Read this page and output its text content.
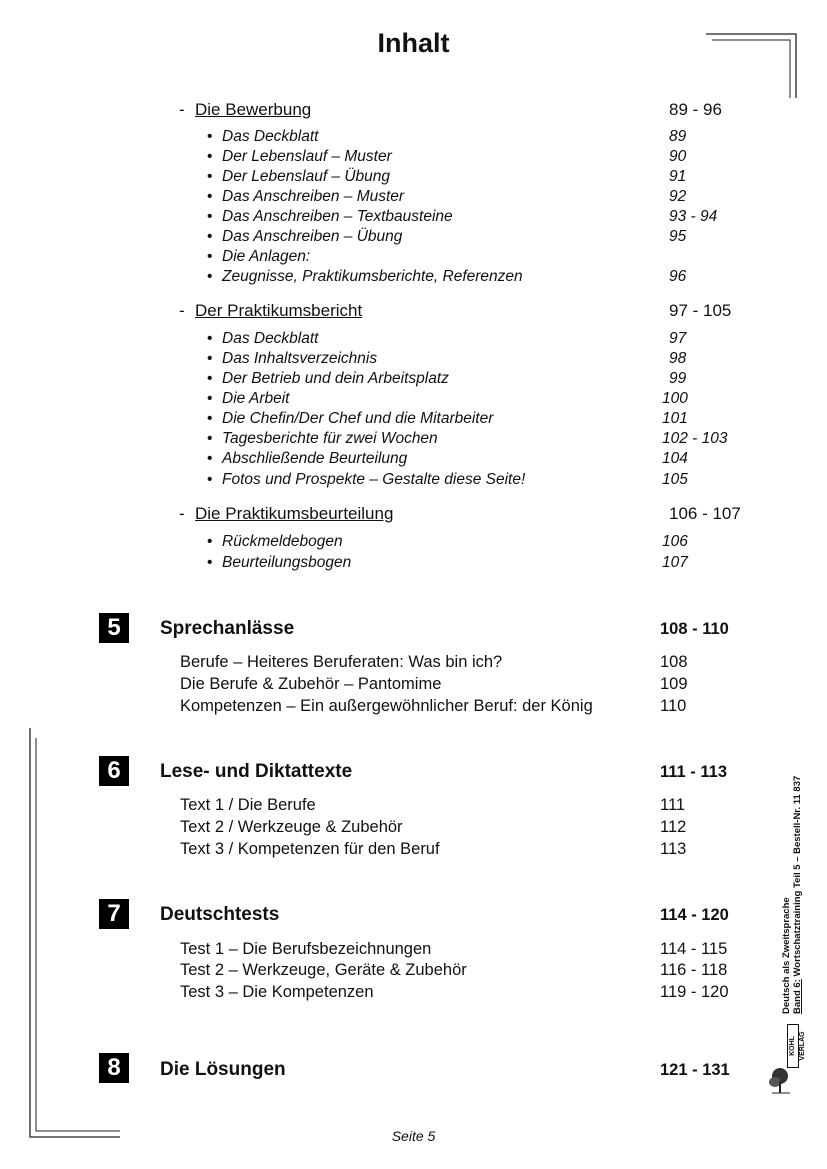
Inhalt
- Die Bewerbung	89 - 96
• Das Deckblatt	89
• Der Lebenslauf – Muster	90
• Der Lebenslauf – Übung	91
• Das Anschreiben – Muster	92
• Das Anschreiben – Textbausteine	93 - 94
• Das Anschreiben – Übung	95
• Die Anlagen:
• Zeugnisse, Praktikumsberichte, Referenzen	96
- Der Praktikumsbericht	97 - 105
• Das Deckblatt	97
• Das Inhaltsverzeichnis	98
• Der Betrieb und dein Arbeitsplatz	99
• Die Arbeit	100
• Die Chefin/Der Chef und die Mitarbeiter	101
• Tagesberichte für zwei Wochen	102 - 103
• Abschließende Beurteilung	104
• Fotos und Prospekte – Gestalte diese Seite!	105
- Die Praktikumsbeurteilung	106 - 107
• Rückmeldebogen	106
• Beurteilungsbogen	107
5	Sprechanlässe	108 - 110
Berufe – Heiteres Beruferaten: Was bin ich?	108
Die Berufe & Zubehör – Pantomime	109
Kompetenzen – Ein außergewöhnlicher Beruf: der König	110
6	Lese- und Diktattexte	111 - 113
Text 1 / Die Berufe	111
Text 2 / Werkzeuge & Zubehör	112
Text 3 / Kompetenzen für den Beruf	113
7	Deutschtests	114 - 120
Test 1 – Die Berufsbezeichnungen	114 - 115
Test 2 – Werkzeuge, Geräte & Zubehör	116 - 118
Test 3 – Die Kompetenzen	119 - 120
8	Die Lösungen	121 - 131
Deutsch als Zweitsprache Band 6: Wortschatztraining Teil 5 – Bestell-Nr. 11 837
KOHL VERLAG
Seite 5
